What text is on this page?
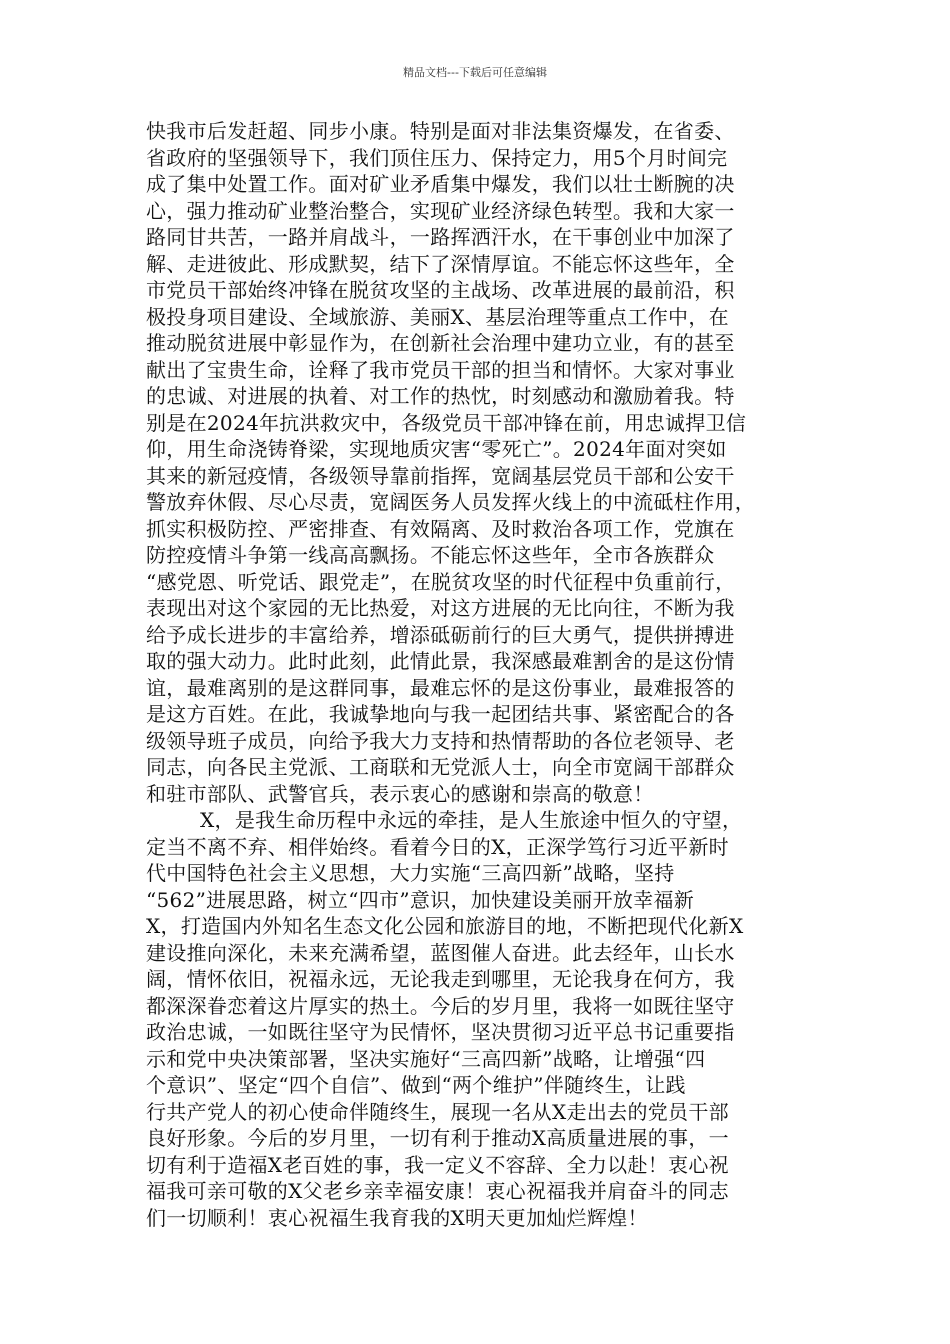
精品文档---下载后可任意编辑
快我市后发赶超、同步小康。特别是面对非法集资爆发，在省委、
省政府的坚强领导下，我们顶住压力、保持定力，用5个月时间完
成了集中处置工作。面对矿业矛盾集中爆发，我们以壮士断腕的决
心，强力推动矿业整治整合，实现矿业经济绿色转型。我和大家一
路同甘共苦，一路并肩战斗，一路挥洒汗水，在干事创业中加深了
解、走进彼此、形成默契，结下了深情厚谊。不能忘怀这些年，全
市党员干部始终冲锋在脱贫攻坚的主战场、改革进展的最前沿，积
极投身项目建设、全域旅游、美丽X、基层治理等重点工作中，在
推动脱贫进展中彰显作为，在创新社会治理中建功立业，有的甚至
献出了宝贵生命，诠释了我市党员干部的担当和情怀。大家对事业
的忠诚、对进展的执着、对工作的热忱，时刻感动和激励着我。特
别是在2024年抗洪救灾中，各级党员干部冲锋在前，用忠诚捍卫信
仰，用生命浇铸脊梁，实现地质灾害“零死亡”。2024年面对突如
其来的新冠疫情，各级领导靠前指挥，宽阔基层党员干部和公安干
警放弃休假、尽心尽责，宽阔医务人员发挥火线上的中流砥柱作用，
抓实积极防控、严密排查、有效隔离、及时救治各项工作，党旗在
防控疫情斗争第一线高高飘扬。不能忘怀这些年，全市各族群众
“感党恩、听党话、跟党走”，在脱贫攻坚的时代征程中负重前行，
表现出对这个家园的无比热爱，对这方进展的无比向往，不断为我
给予成长进步的丰富给养，增添砥砺前行的巨大勇气，提供拼搏进
取的强大动力。此时此刻，此情此景，我深感最难割舍的是这份情
谊，最难离别的是这群同事，最难忘怀的是这份事业，最难报答的
是这方百姓。在此，我诚挚地向与我一起团结共事、紧密配合的各
级领导班子成员，向给予我大力支持和热情帮助的各位老领导、老
同志，向各民主党派、工商联和无党派人士，向全市宽阔干部群众
和驻市部队、武警官兵，表示衷心的感谢和崇高的敬意！
X，是我生命历程中永远的牵挂，是人生旅途中恒久的守望，
定当不离不弃、相伴始终。看着今日的X，正深学笃行习近平新时
代中国特色社会主义思想，大力实施“三高四新”战略，坚持
“562”进展思路，树立“四市”意识，加快建设美丽开放幸福新
X，打造国内外知名生态文化公园和旅游目的地，不断把现代化新X
建设推向深化，未来充满希望，蓝图催人奋进。此去经年，山长水
阔，情怀依旧，祝福永远，无论我走到哪里，无论我身在何方，我
都深深眷恋着这片厚实的热土。今后的岁月里，我将一如既往坚守
政治忠诚，一如既往坚守为民情怀，坚决贯彻习近平总书记重要指
示和党中央决策部署，坚决实施好“三高四新”战略，让增强“四
个意识”、坚定“四个自信”、做到“两个维护”伴随终生，让践
行共产党人的初心使命伴随终生，展现一名从X走出去的党员干部
良好形象。今后的岁月里，一切有利于推动X高质量进展的事，一
切有利于造福X老百姓的事，我一定义不容辞、全力以赴！衷心祝
福我可亲可敬的X父老乡亲幸福安康！衷心祝福我并肩奋斗的同志
们一切顺利！衷心祝福生我育我的X明天更加灿烂辉煌！
